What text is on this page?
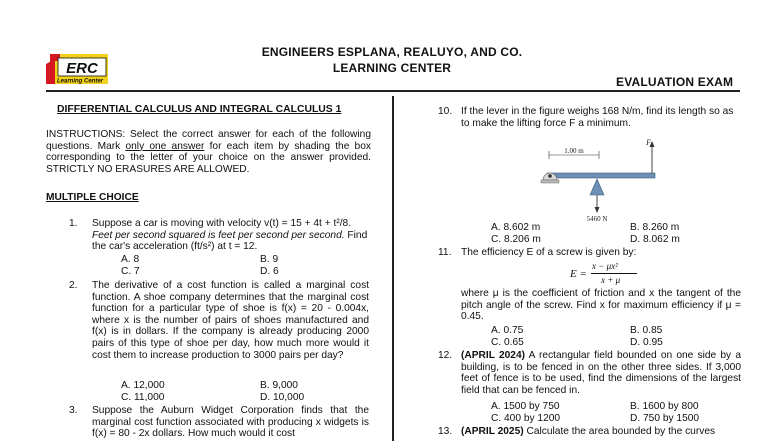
ERC
Learning Center
ENGINEERS ESPLANA, REALUYO, AND CO.
LEARNING CENTER
EVALUATION EXAM
DIFFERENTIAL CALCULUS AND INTEGRAL CALCULUS 1
INSTRUCTIONS: Select the correct answer for each of the following questions. Mark only one answer for each item by shading the box corresponding to the letter of your choice on the answer provided. STRICTLY NO ERASURES ARE ALLOWED.
MULTIPLE CHOICE
1. Suppose a car is moving with velocity v(t) = 15 + 4t + t²/8. Feet per second squared is feet per second per second. Find the car's acceleration (ft/s²) at t = 12.
A. 8	B. 9
C. 7	D. 6
2. The derivative of a cost function is called a marginal cost function. A shoe company determines that the marginal cost function for a particular type of shoe is f(x) = 20 - 0.004x, where x is the number of pairs of shoes manufactured and f(x) is in dollars. If the company is already producing 2000 pairs of this type of shoe per day, how much more would it cost them to increase production to 3000 pairs per day?
A. 12,000	B. 9,000
C. 11,000	D. 10,000
3. Suppose the Auburn Widget Corporation finds that the marginal cost function associated with producing x widgets is f(x) = 80 - 2x dollars. How much would it cost
10. If the lever in the figure weighs 168 N/m, find its length so as to make the lifting force F a minimum.
1.00 m
F
5460 N
A. 8.602 m	B. 8.260 m
C. 8.206 m	D. 8.062 m
11. The efficiency E of a screw is given by:
E =
x − μx²
x + μ
where μ is the coefficient of friction and x the tangent of the pitch angle of the screw. Find x for maximum efficiency if μ = 0.45.
A. 0.75	B. 0.85
C. 0.65	D. 0.95
12. (APRIL 2024) A rectangular field bounded on one side by a building, is to be fenced in on the other three sides. If 3,000 feet of fence is to be used, find the dimensions of the largest field that can be fenced in.
A. 1500 by 750	B. 1600 by 800
C. 400 by 1200	D. 750 by 1500
13. (APRIL 2025) Calculate the area bounded by the curves
